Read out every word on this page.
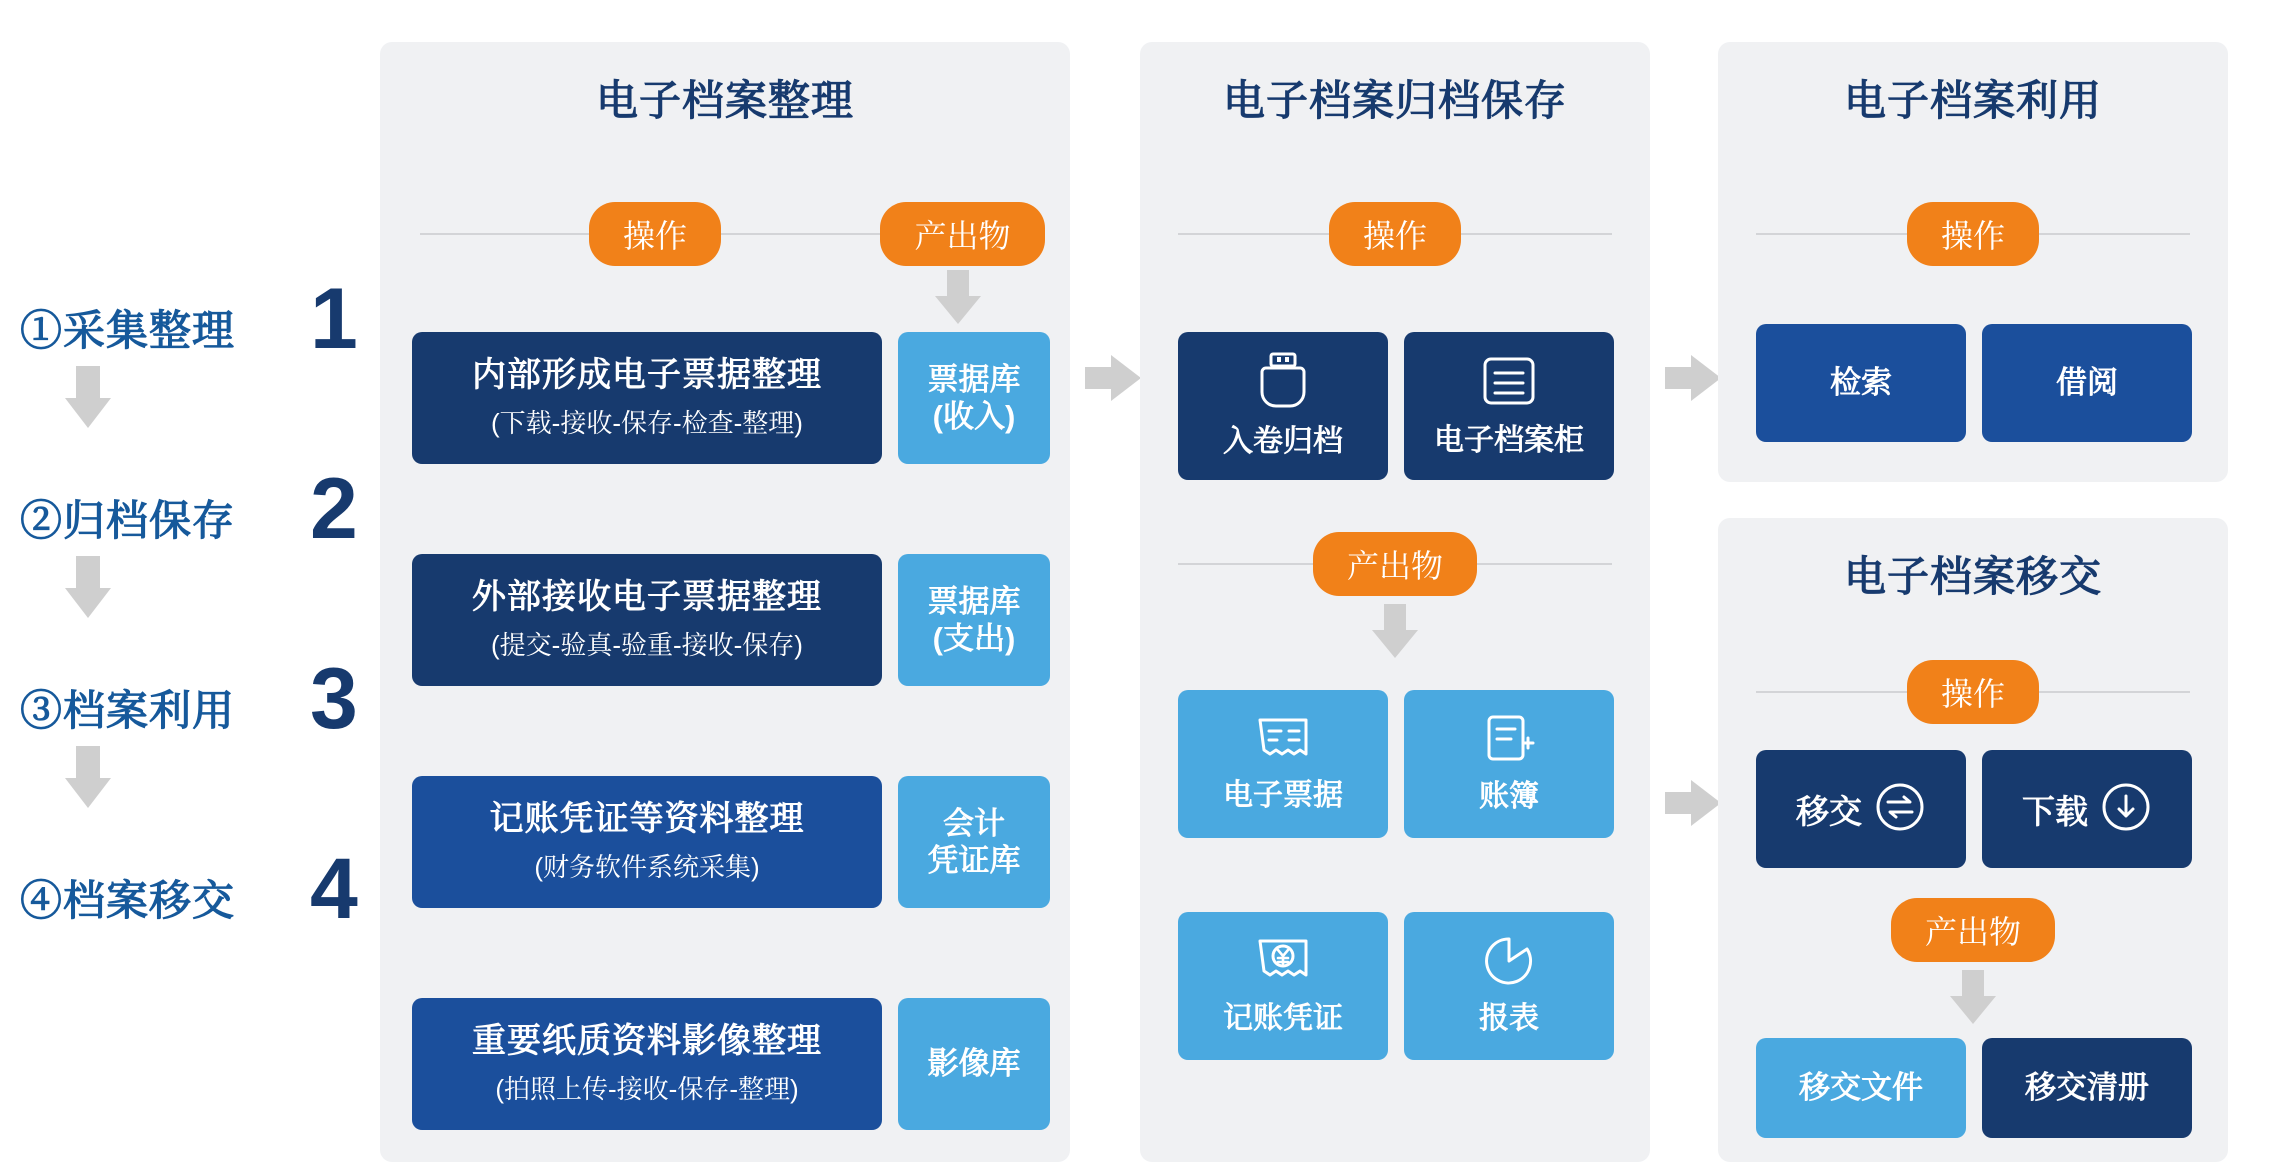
①采集整理 1
②归档保存 2
③档案利用 3
④档案移交 4
电子档案整理
操作	产出物
内部形成电子票据整理
(下载-接收-保存-检查-整理)
票据库
(收入)
外部接收电子票据整理
(提交-验真-验重-接收-保存)
票据库
(支出)
记账凭证等资料整理
(财务软件系统采集)
会计
凭证库
重要纸质资料影像整理
(拍照上传-接收-保存-整理)
影像库
电子档案归档保存
操作
入卷归档	电子档案柜
产出物
电子票据	账簿
记账凭证	报表
电子档案利用
操作
检索	借阅
电子档案移交
操作
移交	下载
产出物
移交文件	移交清册
